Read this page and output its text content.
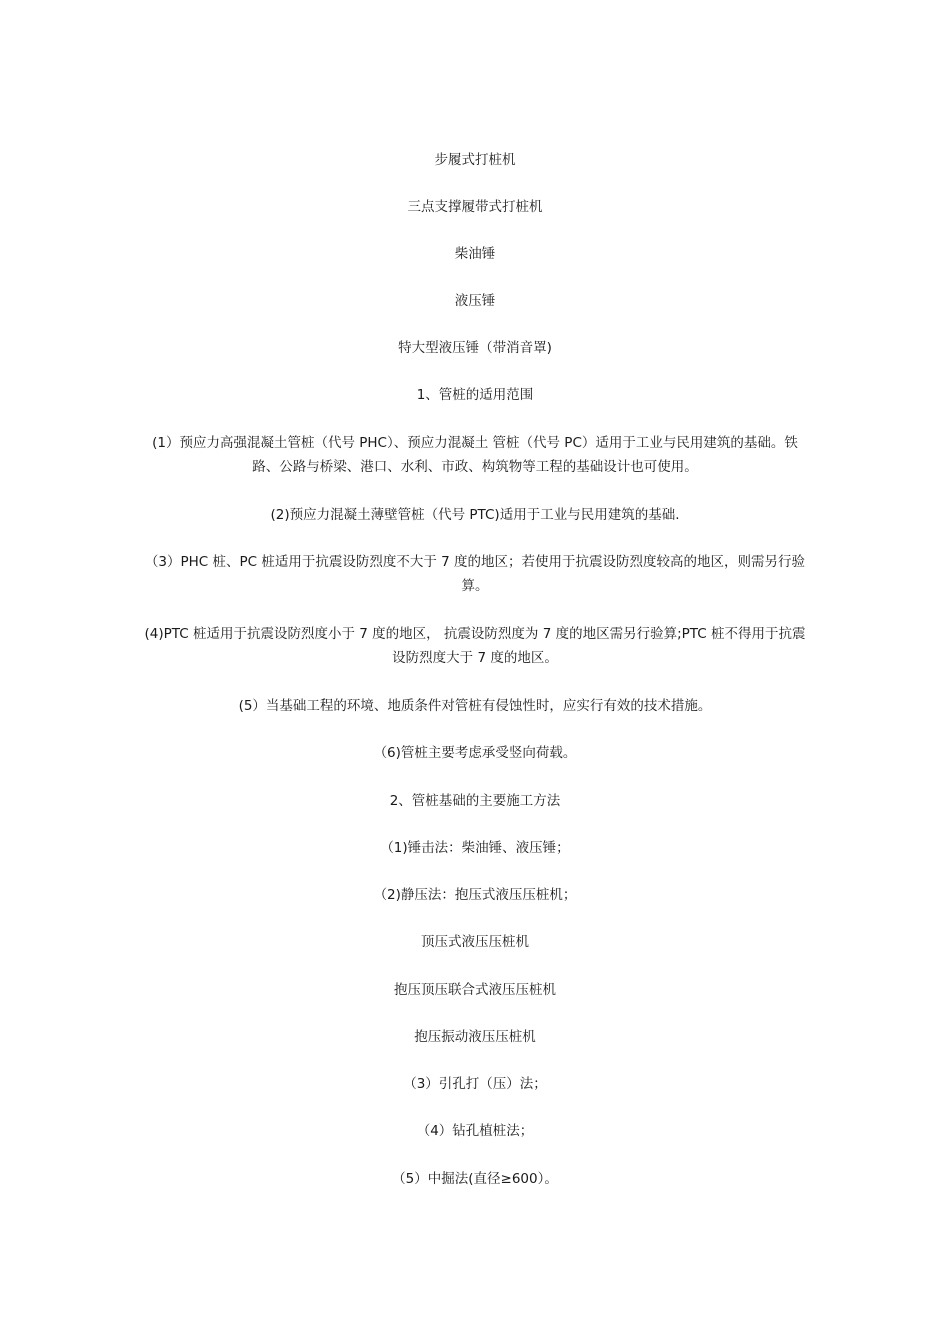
步履式打桩机
三点支撑履带式打桩机
柴油锤
液压锤
特大型液压锤（带消音罩)
1、管桩的适用范围
(1）预应力高强混凝土管桩（代号 PHC）、预应力混凝土 管桩（代号 PC）适用于工业与民用建筑的基础。铁路、公路与桥梁、港口、水利、市政、构筑物等工程的基础设计也可使用。
(2)预应力混凝土薄壁管桩（代号 PTC)适用于工业与民用建筑的基础.
（3）PHC 桩、PC 桩适用于抗震设防烈度不大于 7 度的地区；若使用于抗震设防烈度较高的地区，则需另行验算。
(4)PTC 桩适用于抗震设防烈度小于 7 度的地区， 抗震设防烈度为 7 度的地区需另行验算;PTC 桩不得用于抗震设防烈度大于 7 度的地区。
(5）当基础工程的环境、地质条件对管桩有侵蚀性时，应实行有效的技术措施。
（6)管桩主要考虑承受竖向荷载。
2、管桩基础的主要施工方法
（1)锤击法：柴油锤、液压锤；
（2)静压法：抱压式液压压桩机；
顶压式液压压桩机
抱压顶压联合式液压压桩机
抱压振动液压压桩机
（3）引孔打（压）法；
（4）钻孔植桩法；
（5）中掘法(直径≥600）。
